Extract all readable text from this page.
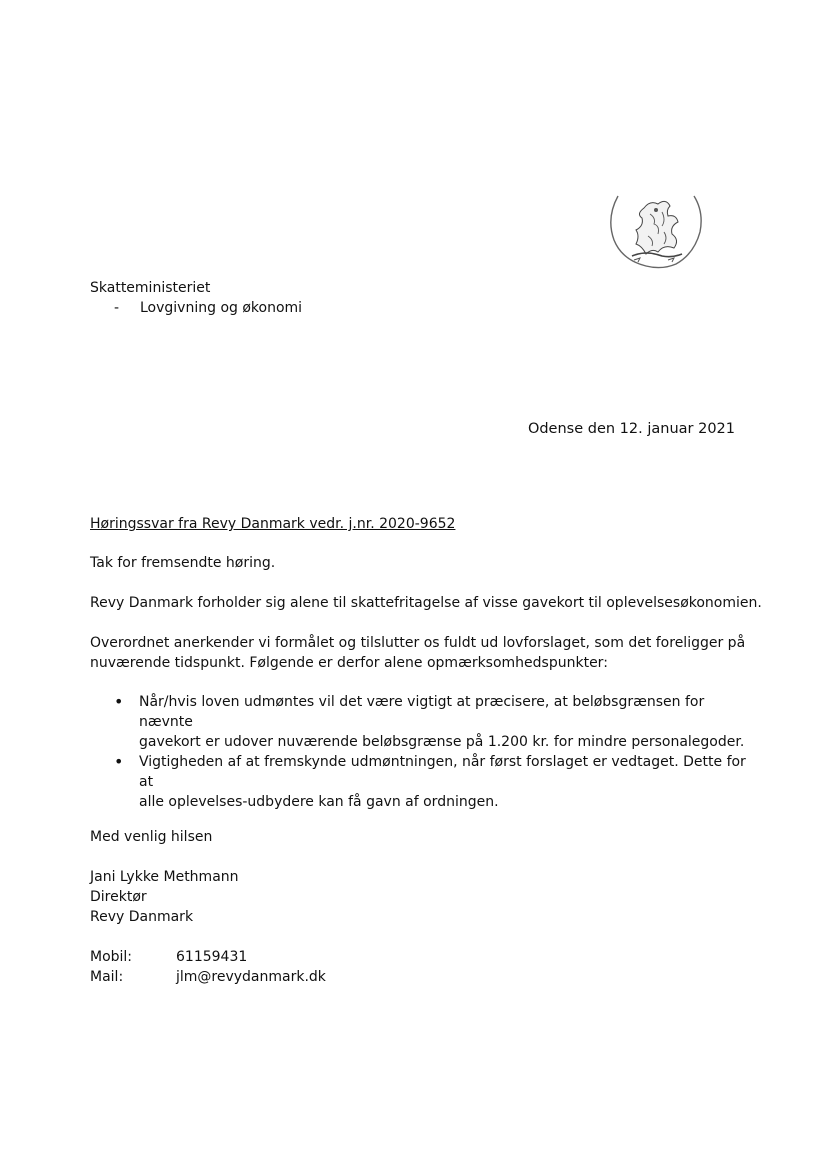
Skatteministeriet

- Lovgivning og økonomi

Odense den 12. januar 2021

Høringssvar fra Revy Danmark vedr. j.nr. 2020-9652

Tak for fremsendte høring.

Revy Danmark forholder sig alene til skattefritagelse af visse gavekort til oplevelsesøkonomien.

Overordnet anerkender vi formålet og tilslutter os fuldt ud lovforslaget, som det foreligger på

nuværende tidspunkt. Følgende er derfor alene opmærksomhedspunkter:

• Når/hvis loven udmøntes vil det være vigtigt at præcisere, at beløbsgrænsen for nævnte
gavekort er udover nuværende beløbsgrænse på 1.200 kr. for mindre personalegoder.
• Vigtigheden af at fremskynde udmøntningen, når først forslaget er vedtaget. Dette for at
alle oplevelses-udbydere kan få gavn af ordningen.

Med venlig hilsen

Jani Lykke Methmann

Direktør

Revy Danmark

Mobil:	61159431

Mail:	jlm@revydanmark.dk
